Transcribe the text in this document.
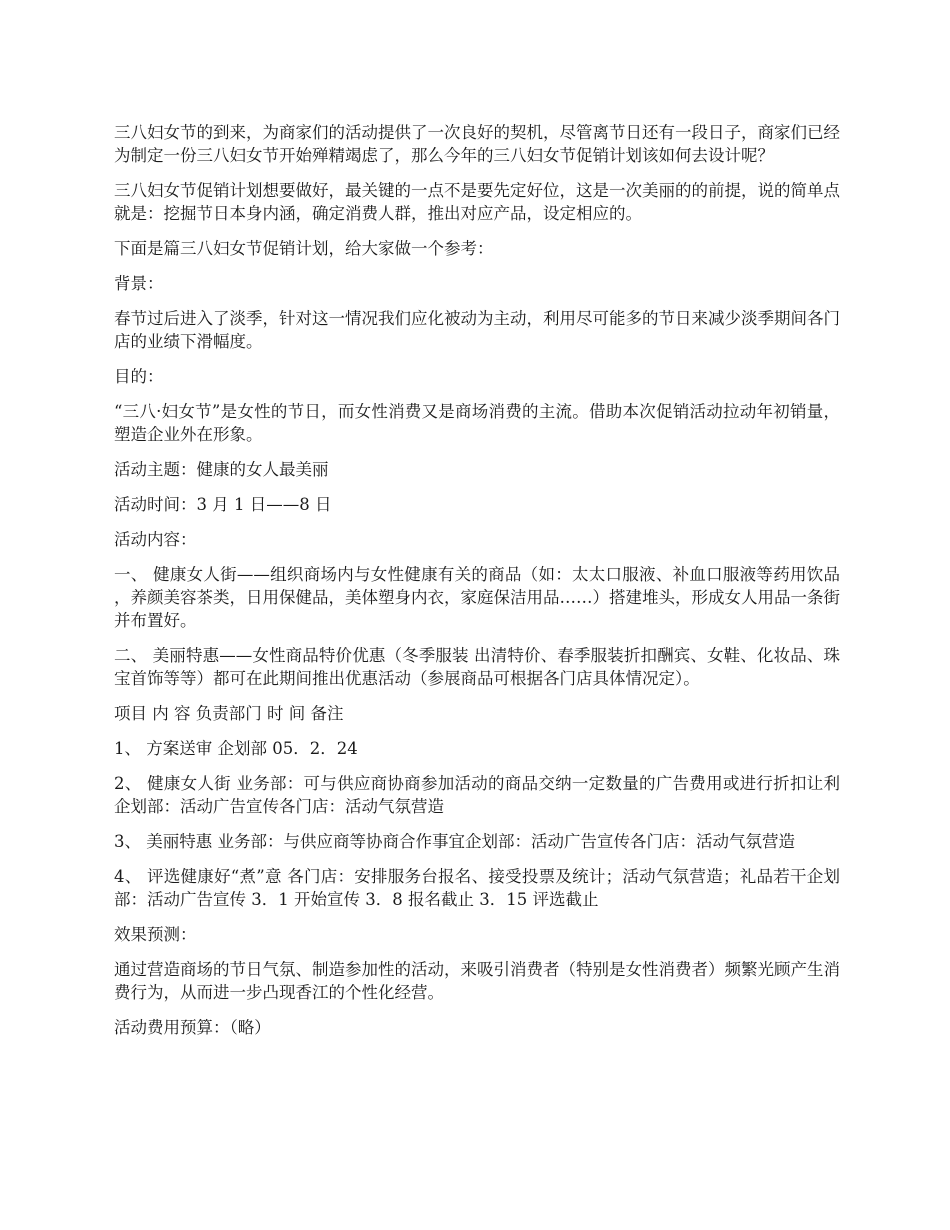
三八妇女节的到来，为商家们的活动提供了一次良好的契机，尽管离节日还有一段日子，商家们已经为制定一份三八妇女节开始殚精竭虑了，那么今年的三八妇女节促销计划该如何去设计呢？

三八妇女节促销计划想要做好，最关键的一点不是要先定好位，这是一次美丽的的前提，说的简单点就是：挖掘节日本身内涵，确定消费人群，推出对应产品，设定相应的。

下面是篇三八妇女节促销计划，给大家做一个参考：

背景：

春节过后进入了淡季，针对这一情况我们应化被动为主动，利用尽可能多的节日来减少淡季期间各门店的业绩下滑幅度。

目的：

“三八·妇女节”是女性的节日，而女性消费又是商场消费的主流。借助本次促销活动拉动年初销量，塑造企业外在形象。

活动主题：健康的女人最美丽

活动时间：3 月 1 日——8 日

活动内容：

一、 健康女人街——组织商场内与女性健康有关的商品（如：太太口服液、补血口服液等药用饮品，养颜美容茶类，日用保健品，美体塑身内衣，家庭保洁用品……）搭建堆头，形成女人用品一条街并布置好。

二、 美丽特惠——女性商品特价优惠（冬季服装 出清特价、春季服装折扣酬宾、女鞋、化妆品、珠宝首饰等等）都可在此期间推出优惠活动（参展商品可根据各门店具体情况定）。

项目 内 容 负责部门 时 间 备注

1、 方案送审 企划部 05．2．24

2、 健康女人街 业务部：可与供应商协商参加活动的商品交纳一定数量的广告费用或进行折扣让利企划部：活动广告宣传各门店：活动气氛营造

3、 美丽特惠 业务部：与供应商等协商合作事宜企划部：活动广告宣传各门店：活动气氛营造

4、 评选健康好“煮”意 各门店：安排服务台报名、接受投票及统计；活动气氛营造；礼品若干企划部：活动广告宣传 3．1 开始宣传 3．8 报名截止 3．15 评选截止

效果预测：

通过营造商场的节日气氛、制造参加性的活动，来吸引消费者（特别是女性消费者）频繁光顾产生消费行为，从而进一步凸现香江的个性化经营。

活动费用预算：（略）
